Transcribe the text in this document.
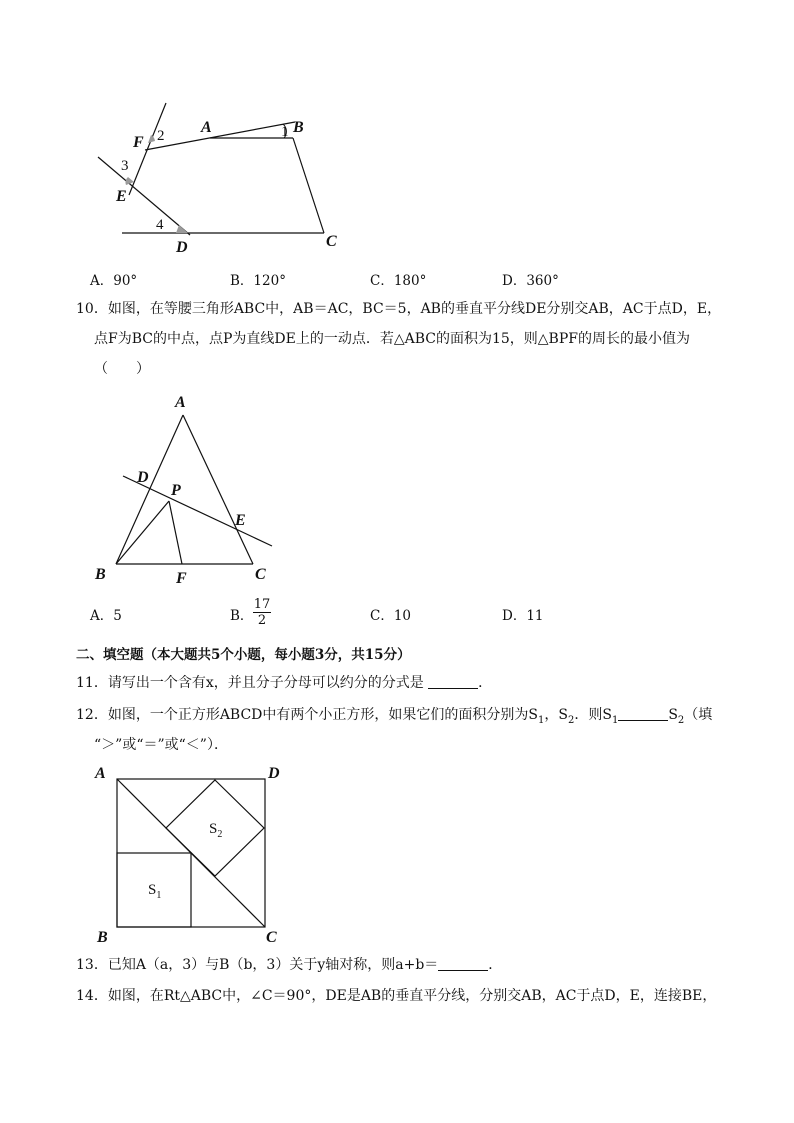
F 2 A	1 B
3
E
4
D	C
A．90°	B．120°	C．180°	D．360°
10．如图，在等腰三角形ABC中，AB＝AC，BC＝5，AB的垂直平分线DE分别交AB，AC于点D，E，
点F为BC的中点，点P为直线DE上的一动点．若△ABC的面积为15，则△BPF的周长的最小值为
（　　）
A
D
P
E
B	F	C
A．5	B．	C．10	D．11
$\frac{17}{2}$
二、填空题（本大题共5个小题，每小题3分，共15分）
11．请写出一个含有x，并且分子分母可以约分的分式是	．
12．如图，一个正方形ABCD中有两个小正方形，如果它们的面积分别为$S_1$，$S_2$．则$S_1$	$S_2$（填
“＞”或“＝”或“＜”）．
A	D
B	C
$S_2$
$S_1$
13．已知A（a，3）与B（b，3）关于y轴对称，则a+b＝	．
14．如图，在Rt△ABC中，∠C＝90°，DE是AB的垂直平分线，分别交AB，AC于点D，E，连接BE，
